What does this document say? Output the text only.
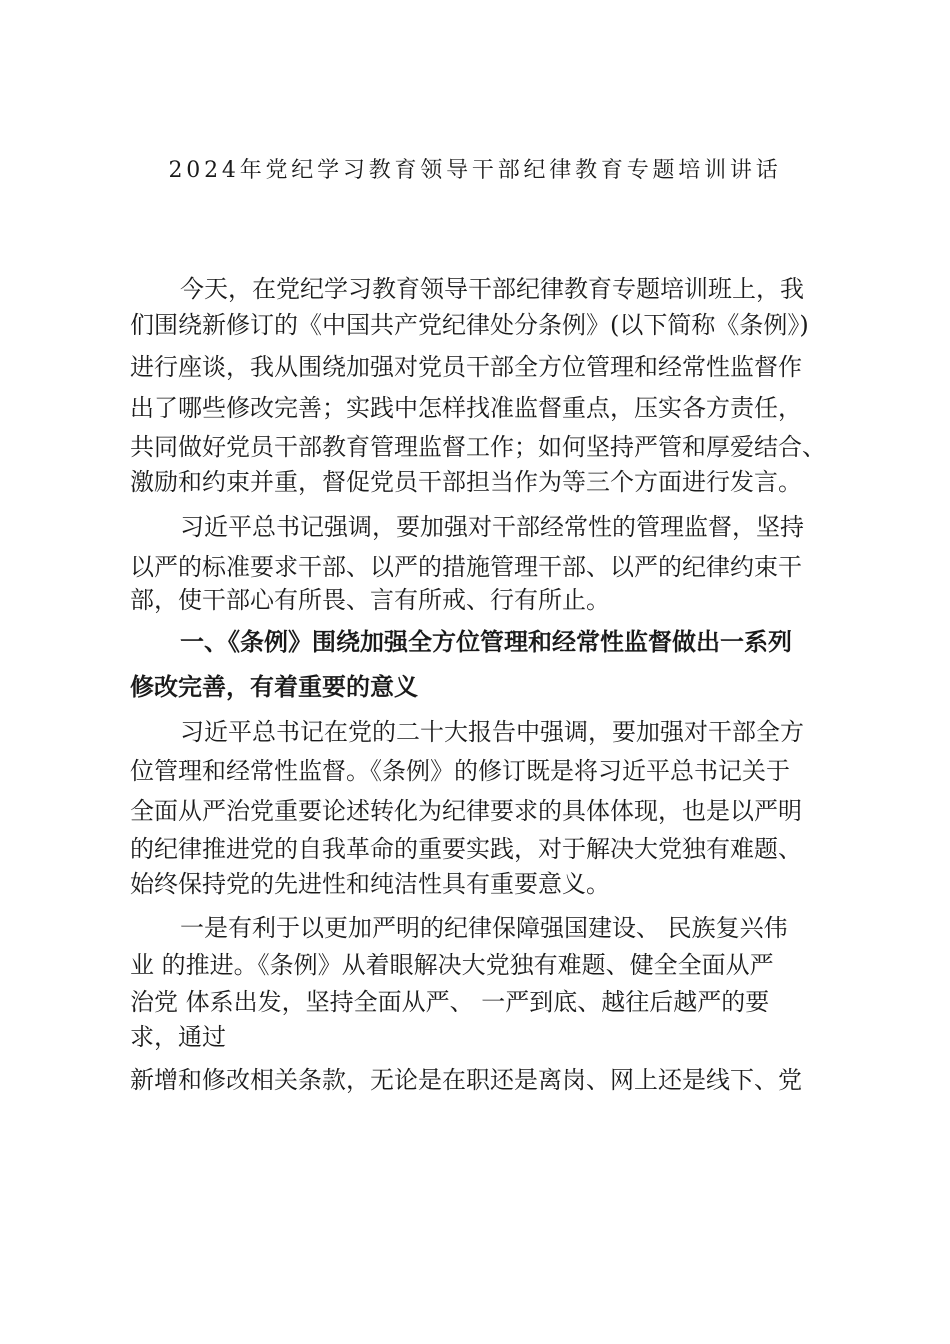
2024年党纪学习教育领导干部纪律教育专题培训讲话
今天，在党纪学习教育领导干部纪律教育专题培训班上，我
们围绕新修订的《中国共产党纪律处分条例》(以下简称《条例》)
进行座谈，我从围绕加强对党员干部全方位管理和经常性监督作
出了哪些修改完善；实践中怎样找准监督重点，压实各方责任，
共同做好党员干部教育管理监督工作；如何坚持严管和厚爱结合、
激励和约束并重，督促党员干部担当作为等三个方面进行发言。
习近平总书记强调，要加强对干部经常性的管理监督，坚持
以严的标准要求干部、以严的措施管理干部、以严的纪律约束干
部，使干部心有所畏、言有所戒、行有所止。
一、《条例》围绕加强全方位管理和经常性监督做出一系列
修改完善，有着重要的意义
习近平总书记在党的二十大报告中强调，要加强对干部全方
位管理和经常性监督。《条例》的修订既是将习近平总书记关于
全面从严治党重要论述转化为纪律要求的具体体现，也是以严明
的纪律推进党的自我革命的重要实践，对于解决大党独有难题、
始终保持党的先进性和纯洁性具有重要意义。
一是有利于以更加严明的纪律保障强国建设、 民族复兴伟
业 的推进。《条例》从着眼解决大党独有难题、健全全面从严
治党 体系出发，坚持全面从严、 一严到底、越往后越严的要
求，通过
新增和修改相关条款，无论是在职还是离岗、网上还是线下、党
